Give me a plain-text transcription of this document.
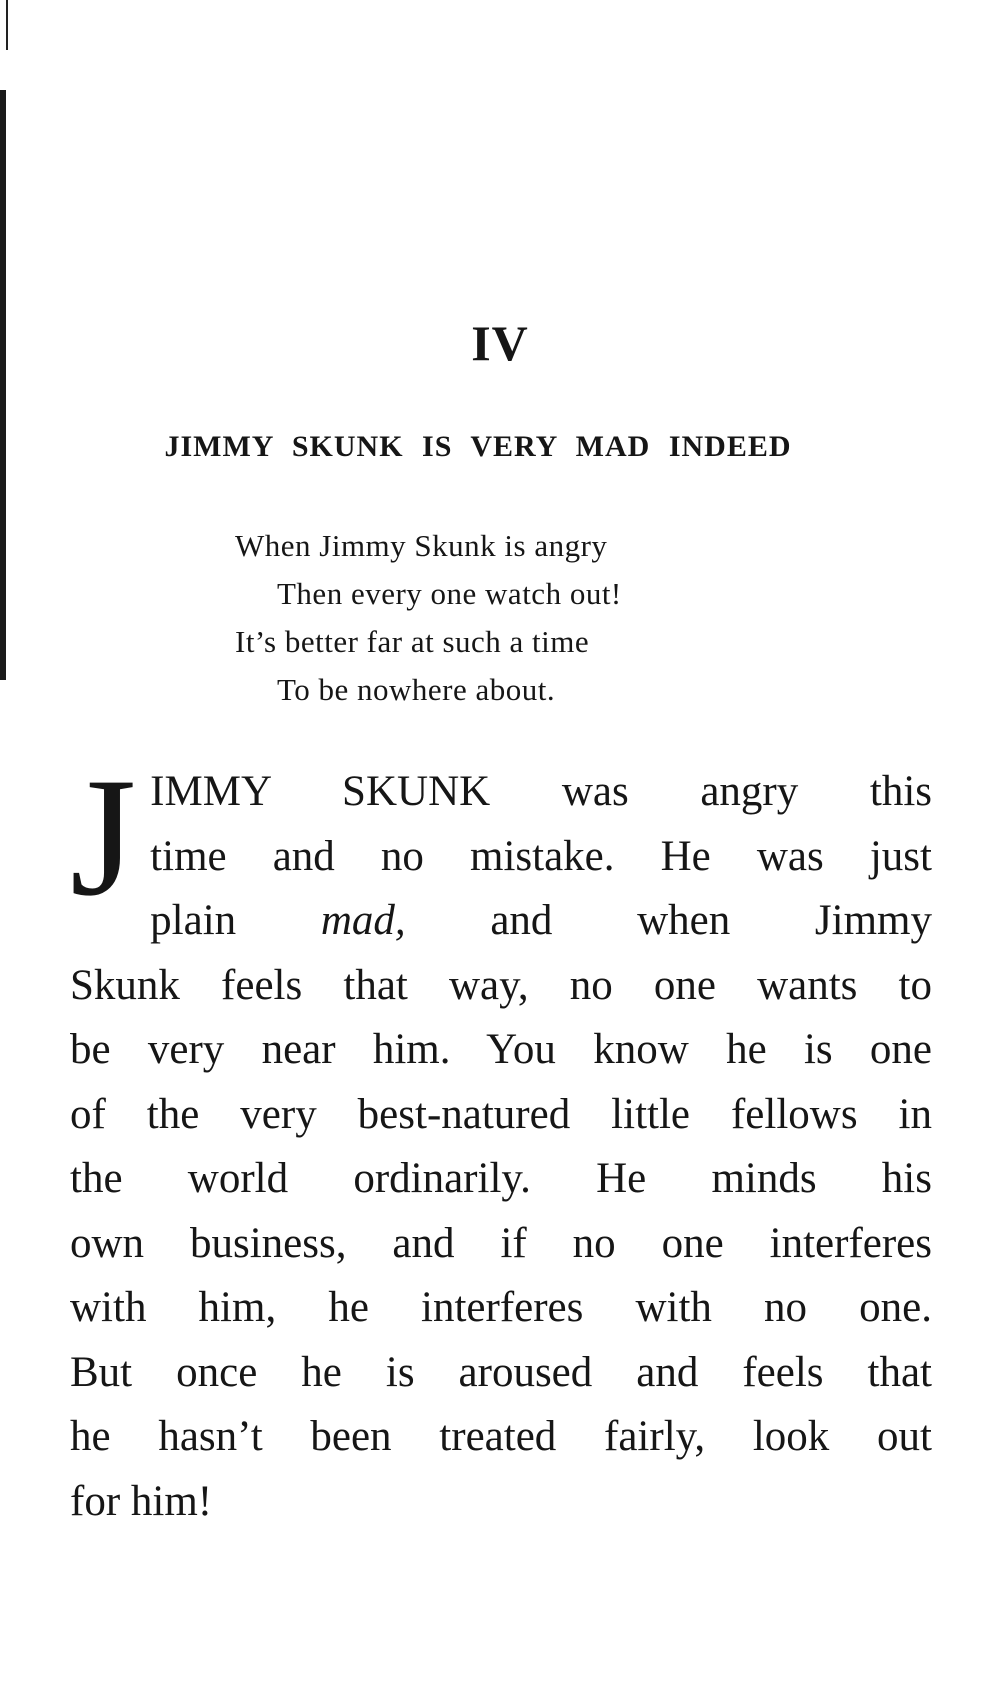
IV
JIMMY SKUNK IS VERY MAD INDEED
When Jimmy Skunk is angry
Then every one watch out!
It’s better far at such a time
To be nowhere about.
J IMMY SKUNK was angry this
time and no mistake. He was just
plain mad, and when Jimmy
Skunk feels that way, no one wants to
be very near him. You know he is one
of the very best-natured little fellows in
the world ordinarily. He minds his
own business, and if no one interferes
with him, he interferes with no one.
But once he is aroused and feels that
he hasn’t been treated fairly, look out
for him!
